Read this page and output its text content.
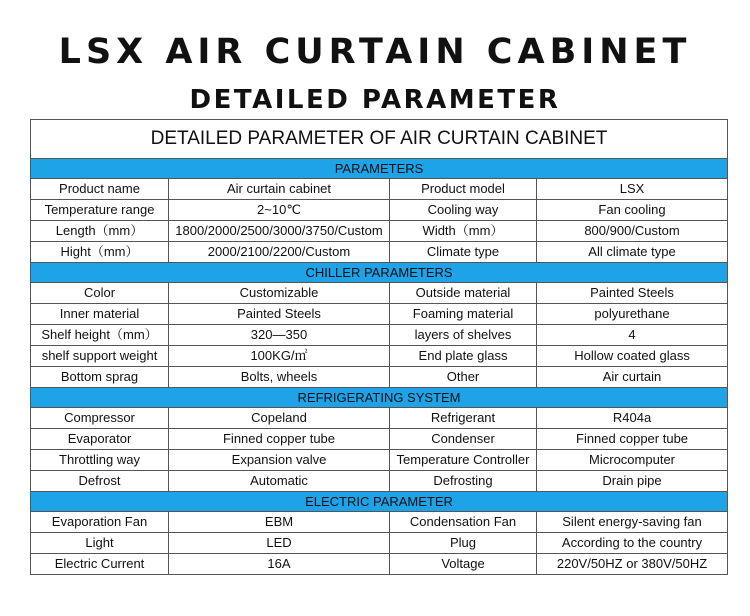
LSX AIR CURTAIN CABINET
DETAILED PARAMETER
DETAILED PARAMETER OF AIR CURTAIN CABINET			
PARAMETERS			
Product name	Air curtain cabinet	Product model	LSX
Temperature range	2~10℃	Cooling way	Fan cooling
Length（mm）	1800/2000/2500/3000/3750/Custom	Width（mm）	800/900/Custom
Hight（mm）	2000/2100/2200/Custom	Climate type	All climate type
CHILLER PARAMETERS			
Color	Customizable	Outside material	Painted Steels
Inner material	Painted Steels	Foaming material	polyurethane
Shelf height（mm）	320—350	layers of shelves	4
shelf support weight	100KG/㎡	End plate glass	Hollow coated glass
Bottom sprag	Bolts, wheels	Other	Air curtain
REFRIGERATING SYSTEM			
Compressor	Copeland	Refrigerant	R404a
Evaporator	Finned copper tube	Condenser	Finned copper tube
Throttling way	Expansion valve	Temperature Controller	Microcomputer
Defrost	Automatic	Defrosting	Drain pipe
ELECTRIC PARAMETER			
Evaporation Fan	EBM	Condensation Fan	Silent energy-saving fan
Light	LED	Plug	According to the country
Electric Current	16A	Voltage	220V/50HZ or 380V/50HZ
